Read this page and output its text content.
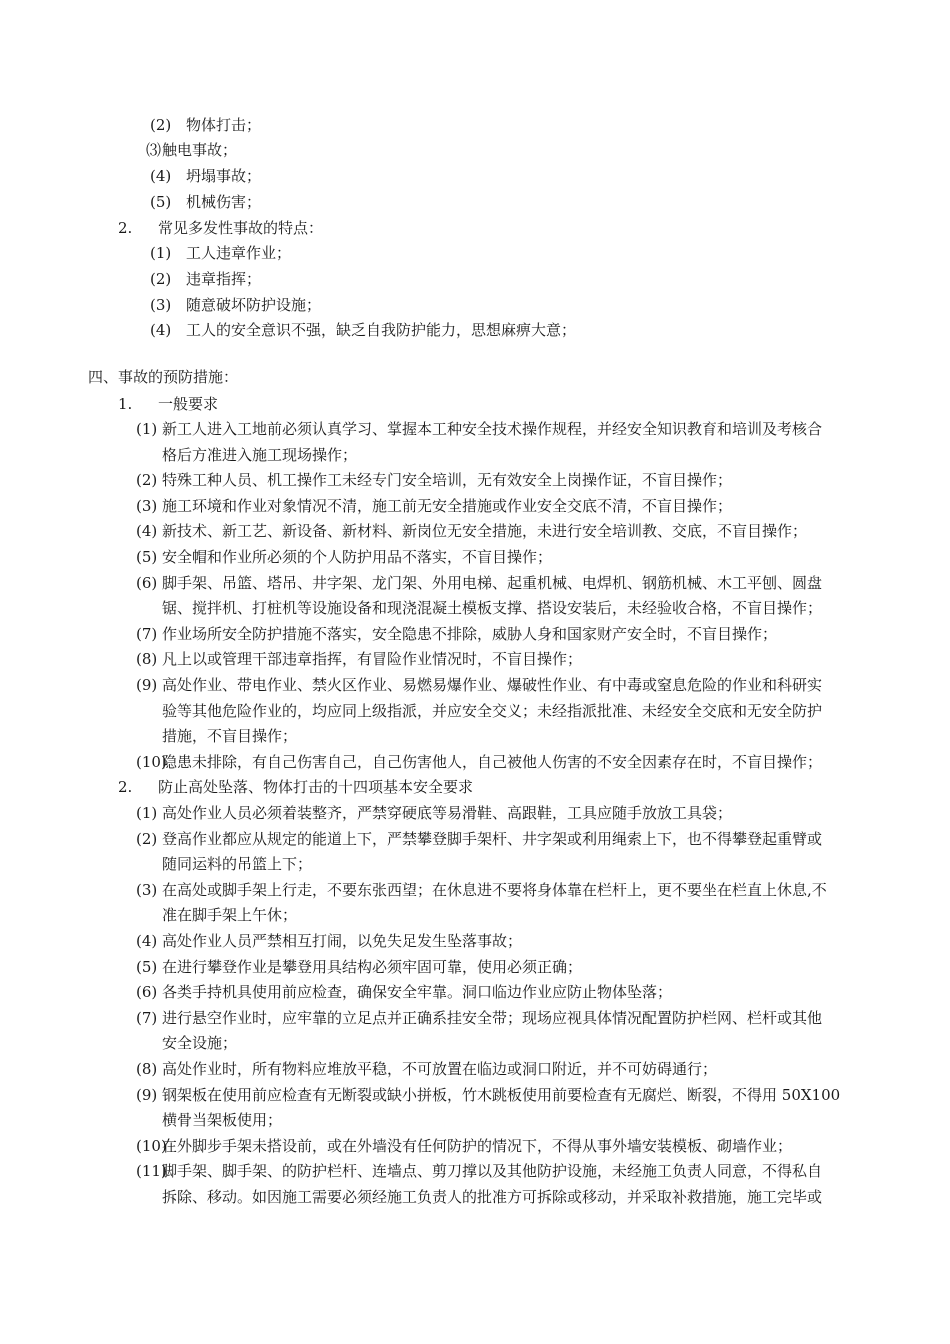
(2) 物体打击；
⑶触电事故；
(4) 坍塌事故；
(5) 机械伤害；
2. 常见多发性事故的特点：
(1) 工人违章作业；
(2) 违章指挥；
(3) 随意破坏防护设施；
(4) 工人的安全意识不强，缺乏自我防护能力，思想麻痹大意；
四、事故的预防措施：
1. 一般要求
(1) 新工人进入工地前必须认真学习、掌握本工种安全技术操作规程，并经安全知识教育和培训及考核合
格后方准进入施工现场操作；
(2) 特殊工种人员、机工操作工未经专门安全培训，无有效安全上岗操作证，不盲目操作；
(3) 施工环境和作业对象情况不清，施工前无安全措施或作业安全交底不清，不盲目操作；
(4) 新技术、新工艺、新设备、新材料、新岗位无安全措施，未进行安全培训教、交底，不盲目操作；
(5) 安全帽和作业所必须的个人防护用品不落实，不盲目操作；
(6) 脚手架、吊篮、塔吊、井字架、龙门架、外用电梯、起重机械、电焊机、钢筋机械、木工平刨、圆盘
锯、搅拌机、打桩机等设施设备和现浇混凝土模板支撑、搭设安装后，未经验收合格，不盲目操作；
(7) 作业场所安全防护措施不落实，安全隐患不排除，威胁人身和国家财产安全时，不盲目操作；
(8) 凡上以或管理干部违章指挥，有冒险作业情况时，不盲目操作；
(9) 高处作业、带电作业、禁火区作业、易燃易爆作业、爆破性作业、有中毒或窒息危险的作业和科研实
验等其他危险作业的，均应同上级指派，并应安全交义；未经指派批准、未经安全交底和无安全防护
措施，不盲目操作；
(10)隐患未排除，有自己伤害自己，自己伤害他人，自己被他人伤害的不安全因素存在时，不盲目操作；
2. 防止高处坠落、物体打击的十四项基本安全要求
(1) 高处作业人员必须着装整齐，严禁穿硬底等易滑鞋、高跟鞋，工具应随手放放工具袋；
(2) 登高作业都应从规定的能道上下，严禁攀登脚手架杆、井字架或利用绳索上下，也不得攀登起重臂或
随同运料的吊篮上下；
(3) 在高处或脚手架上行走，不要东张西望；在休息进不要将身体靠在栏杆上，更不要坐在栏直上休息,不
准在脚手架上午休；
(4) 高处作业人员严禁相互打闹，以免失足发生坠落事故；
(5) 在进行攀登作业是攀登用具结构必须牢固可靠，使用必须正确；
(6) 各类手持机具使用前应检查，确保安全牢靠。洞口临边作业应防止物体坠落；
(7) 进行悬空作业时，应牢靠的立足点并正确系挂安全带；现场应视具体情况配置防护栏网、栏杆或其他
安全设施；
(8) 高处作业时，所有物料应堆放平稳，不可放置在临边或洞口附近，并不可妨碍通行；
(9) 钢架板在使用前应检查有无断裂或缺小拼板，竹木跳板使用前要检查有无腐烂、断裂，不得用 50X100
横骨当架板使用；
(10)在外脚步手架未搭设前，或在外墙没有任何防护的情况下，不得从事外墙安装模板、砌墙作业；
(11)脚手架、脚手架、的防护栏杆、连墙点、剪刀撑以及其他防护设施，未经施工负责人同意，不得私自
拆除、移动。如因施工需要必须经施工负责人的批准方可拆除或移动，并采取补救措施，施工完毕或
